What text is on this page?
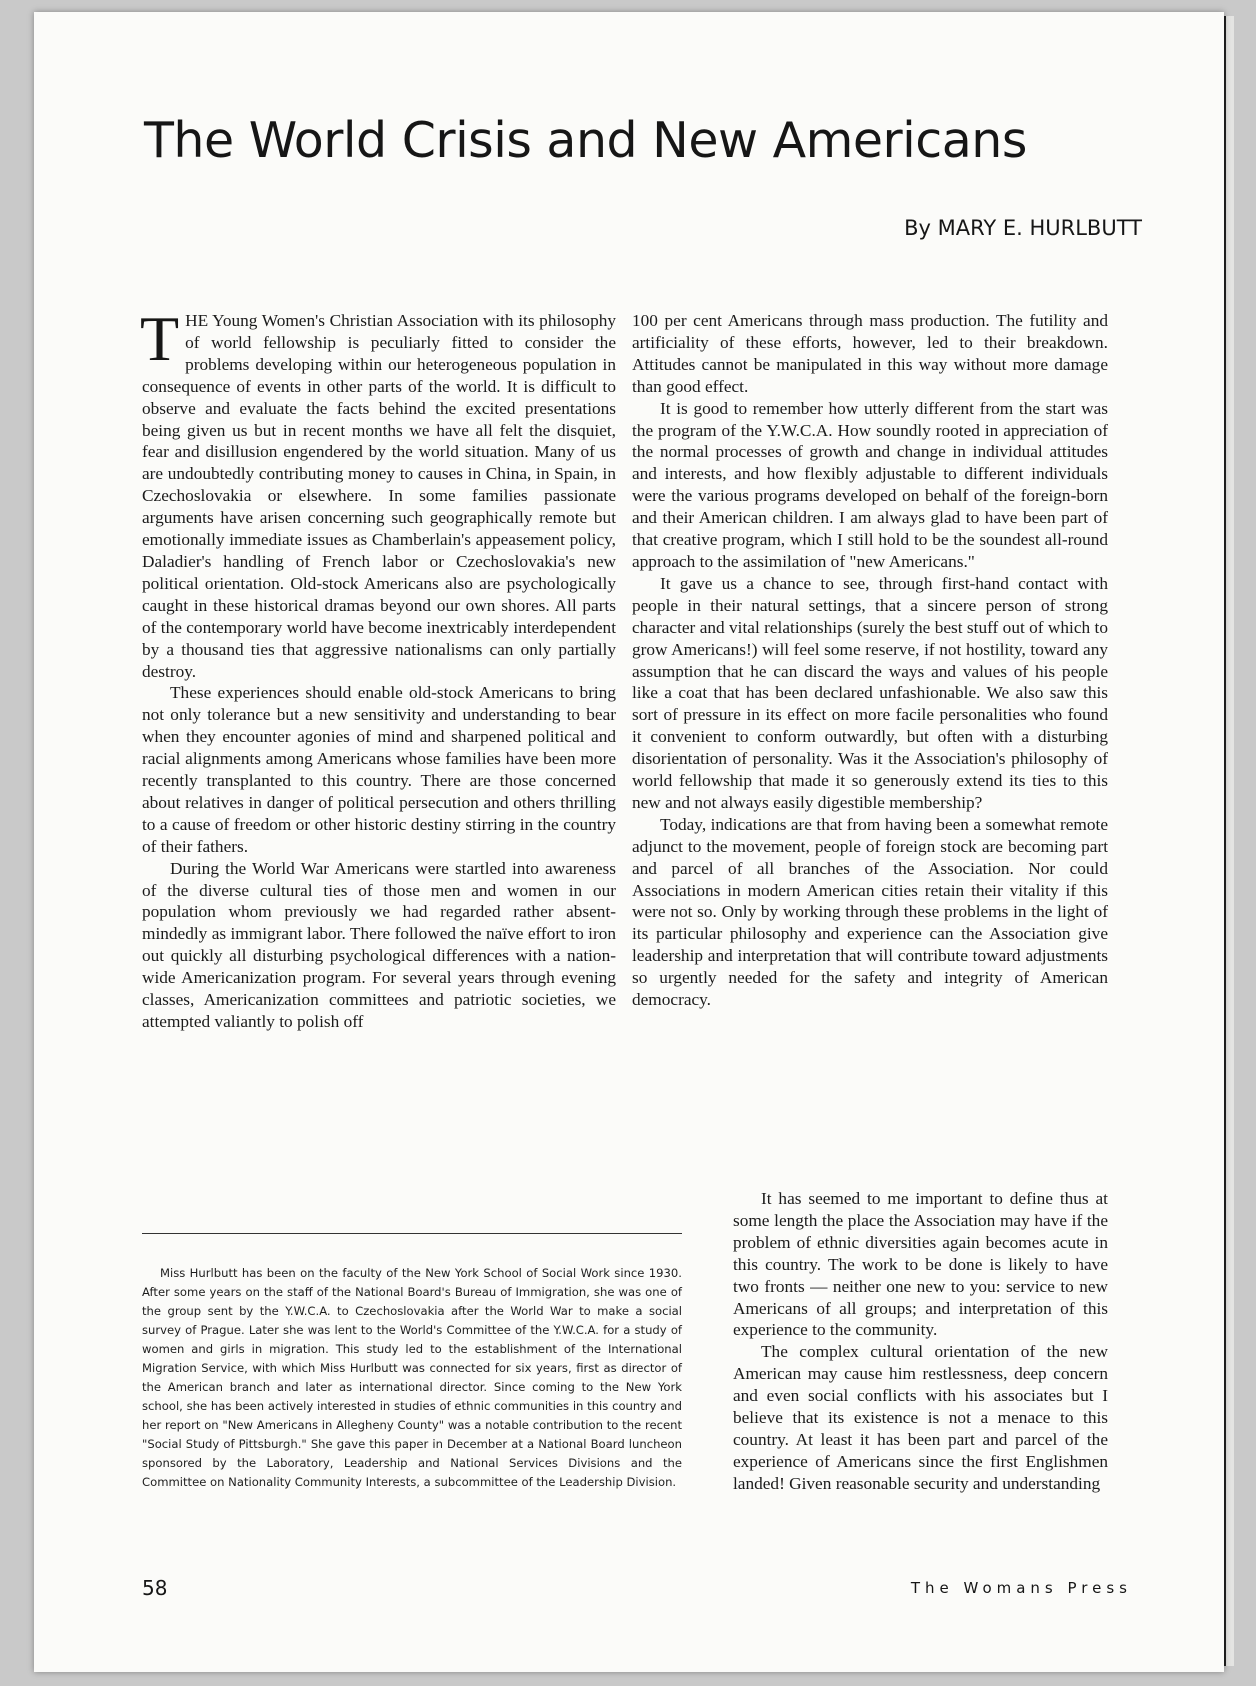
The World Crisis and New Americans
By MARY E. HURLBUTT

THE Young Women's Christian Association with its philosophy of world fellowship is peculiarly fitted to consider the problems developing within our heterogeneous population in consequence of events in other parts of the world. It is difficult to observe and evaluate the facts behind the excited presentations being given us but in recent months we have all felt the disquiet, fear and disillusion engendered by the world situation. Many of us are undoubtedly contributing money to causes in China, in Spain, in Czechoslovakia or elsewhere. In some families passionate arguments have arisen concerning such geographically remote but emotionally immediate issues as Chamberlain's appeasement policy, Daladier's handling of French labor or Czechoslovakia's new political orientation. Old-stock Americans also are psychologically caught in these historical dramas beyond our own shores. All parts of the contemporary world have become inextricably interdependent by a thousand ties that aggressive nationalisms can only partially destroy.

These experiences should enable old-stock Americans to bring not only tolerance but a new sensitivity and understanding to bear when they encounter agonies of mind and sharpened political and racial alignments among Americans whose families have been more recently transplanted to this country. There are those concerned about relatives in danger of political persecution and others thrilling to a cause of freedom or other historic destiny stirring in the country of their fathers.

During the World War Americans were startled into awareness of the diverse cultural ties of those men and women in our population whom previously we had regarded rather absent-mindedly as immigrant labor. There followed the naïve effort to iron out quickly all disturbing psychological differences with a nation-wide Americanization program. For several years through evening classes, Americanization committees and patriotic societies, we attempted valiantly to polish off

100 per cent Americans through mass production. The futility and artificiality of these efforts, however, led to their breakdown. Attitudes cannot be manipulated in this way without more damage than good effect.

It is good to remember how utterly different from the start was the program of the Y.W.C.A. How soundly rooted in appreciation of the normal processes of growth and change in individual attitudes and interests, and how flexibly adjustable to different individuals were the various programs developed on behalf of the foreign-born and their American children. I am always glad to have been part of that creative program, which I still hold to be the soundest all-round approach to the assimilation of "new Americans."

It gave us a chance to see, through first-hand contact with people in their natural settings, that a sincere person of strong character and vital relationships (surely the best stuff out of which to grow Americans!) will feel some reserve, if not hostility, toward any assumption that he can discard the ways and values of his people like a coat that has been declared unfashionable. We also saw this sort of pressure in its effect on more facile personalities who found it convenient to conform outwardly, but often with a disturbing disorientation of personality. Was it the Association's philosophy of world fellowship that made it so generously extend its ties to this new and not always easily digestible membership?

Today, indications are that from having been a somewhat remote adjunct to the movement, people of foreign stock are becoming part and parcel of all branches of the Association. Nor could Associations in modern American cities retain their vitality if this were not so. Only by working through these problems in the light of its particular philosophy and experience can the Association give leadership and interpretation that will contribute toward adjustments so urgently needed for the safety and integrity of American democracy.

It has seemed to me important to define thus at some length the place the Association may have if the problem of ethnic diversities again becomes acute in this country. The work to be done is likely to have two fronts — neither one new to you: service to new Americans of all groups; and interpretation of this experience to the community.

The complex cultural orientation of the new American may cause him restlessness, deep concern and even social conflicts with his associates but I believe that its existence is not a menace to this country. At least it has been part and parcel of the experience of Americans since the first Englishmen landed! Given reasonable security and understanding

Miss Hurlbutt has been on the faculty of the New York School of Social Work since 1930. After some years on the staff of the National Board's Bureau of Immigration, she was one of the group sent by the Y.W.C.A. to Czechoslovakia after the World War to make a social survey of Prague. Later she was lent to the World's Committee of the Y.W.C.A. for a study of women and girls in migration. This study led to the establishment of the International Migration Service, with which Miss Hurlbutt was connected for six years, first as director of the American branch and later as international director. Since coming to the New York school, she has been actively interested in studies of ethnic communities in this country and her report on "New Americans in Allegheny County" was a notable contribution to the recent "Social Study of Pittsburgh." She gave this paper in December at a National Board luncheon sponsored by the Laboratory, Leadership and National Services Divisions and the Committee on Nationality Community Interests, a subcommittee of the Leadership Division.

58	The Womans Press
